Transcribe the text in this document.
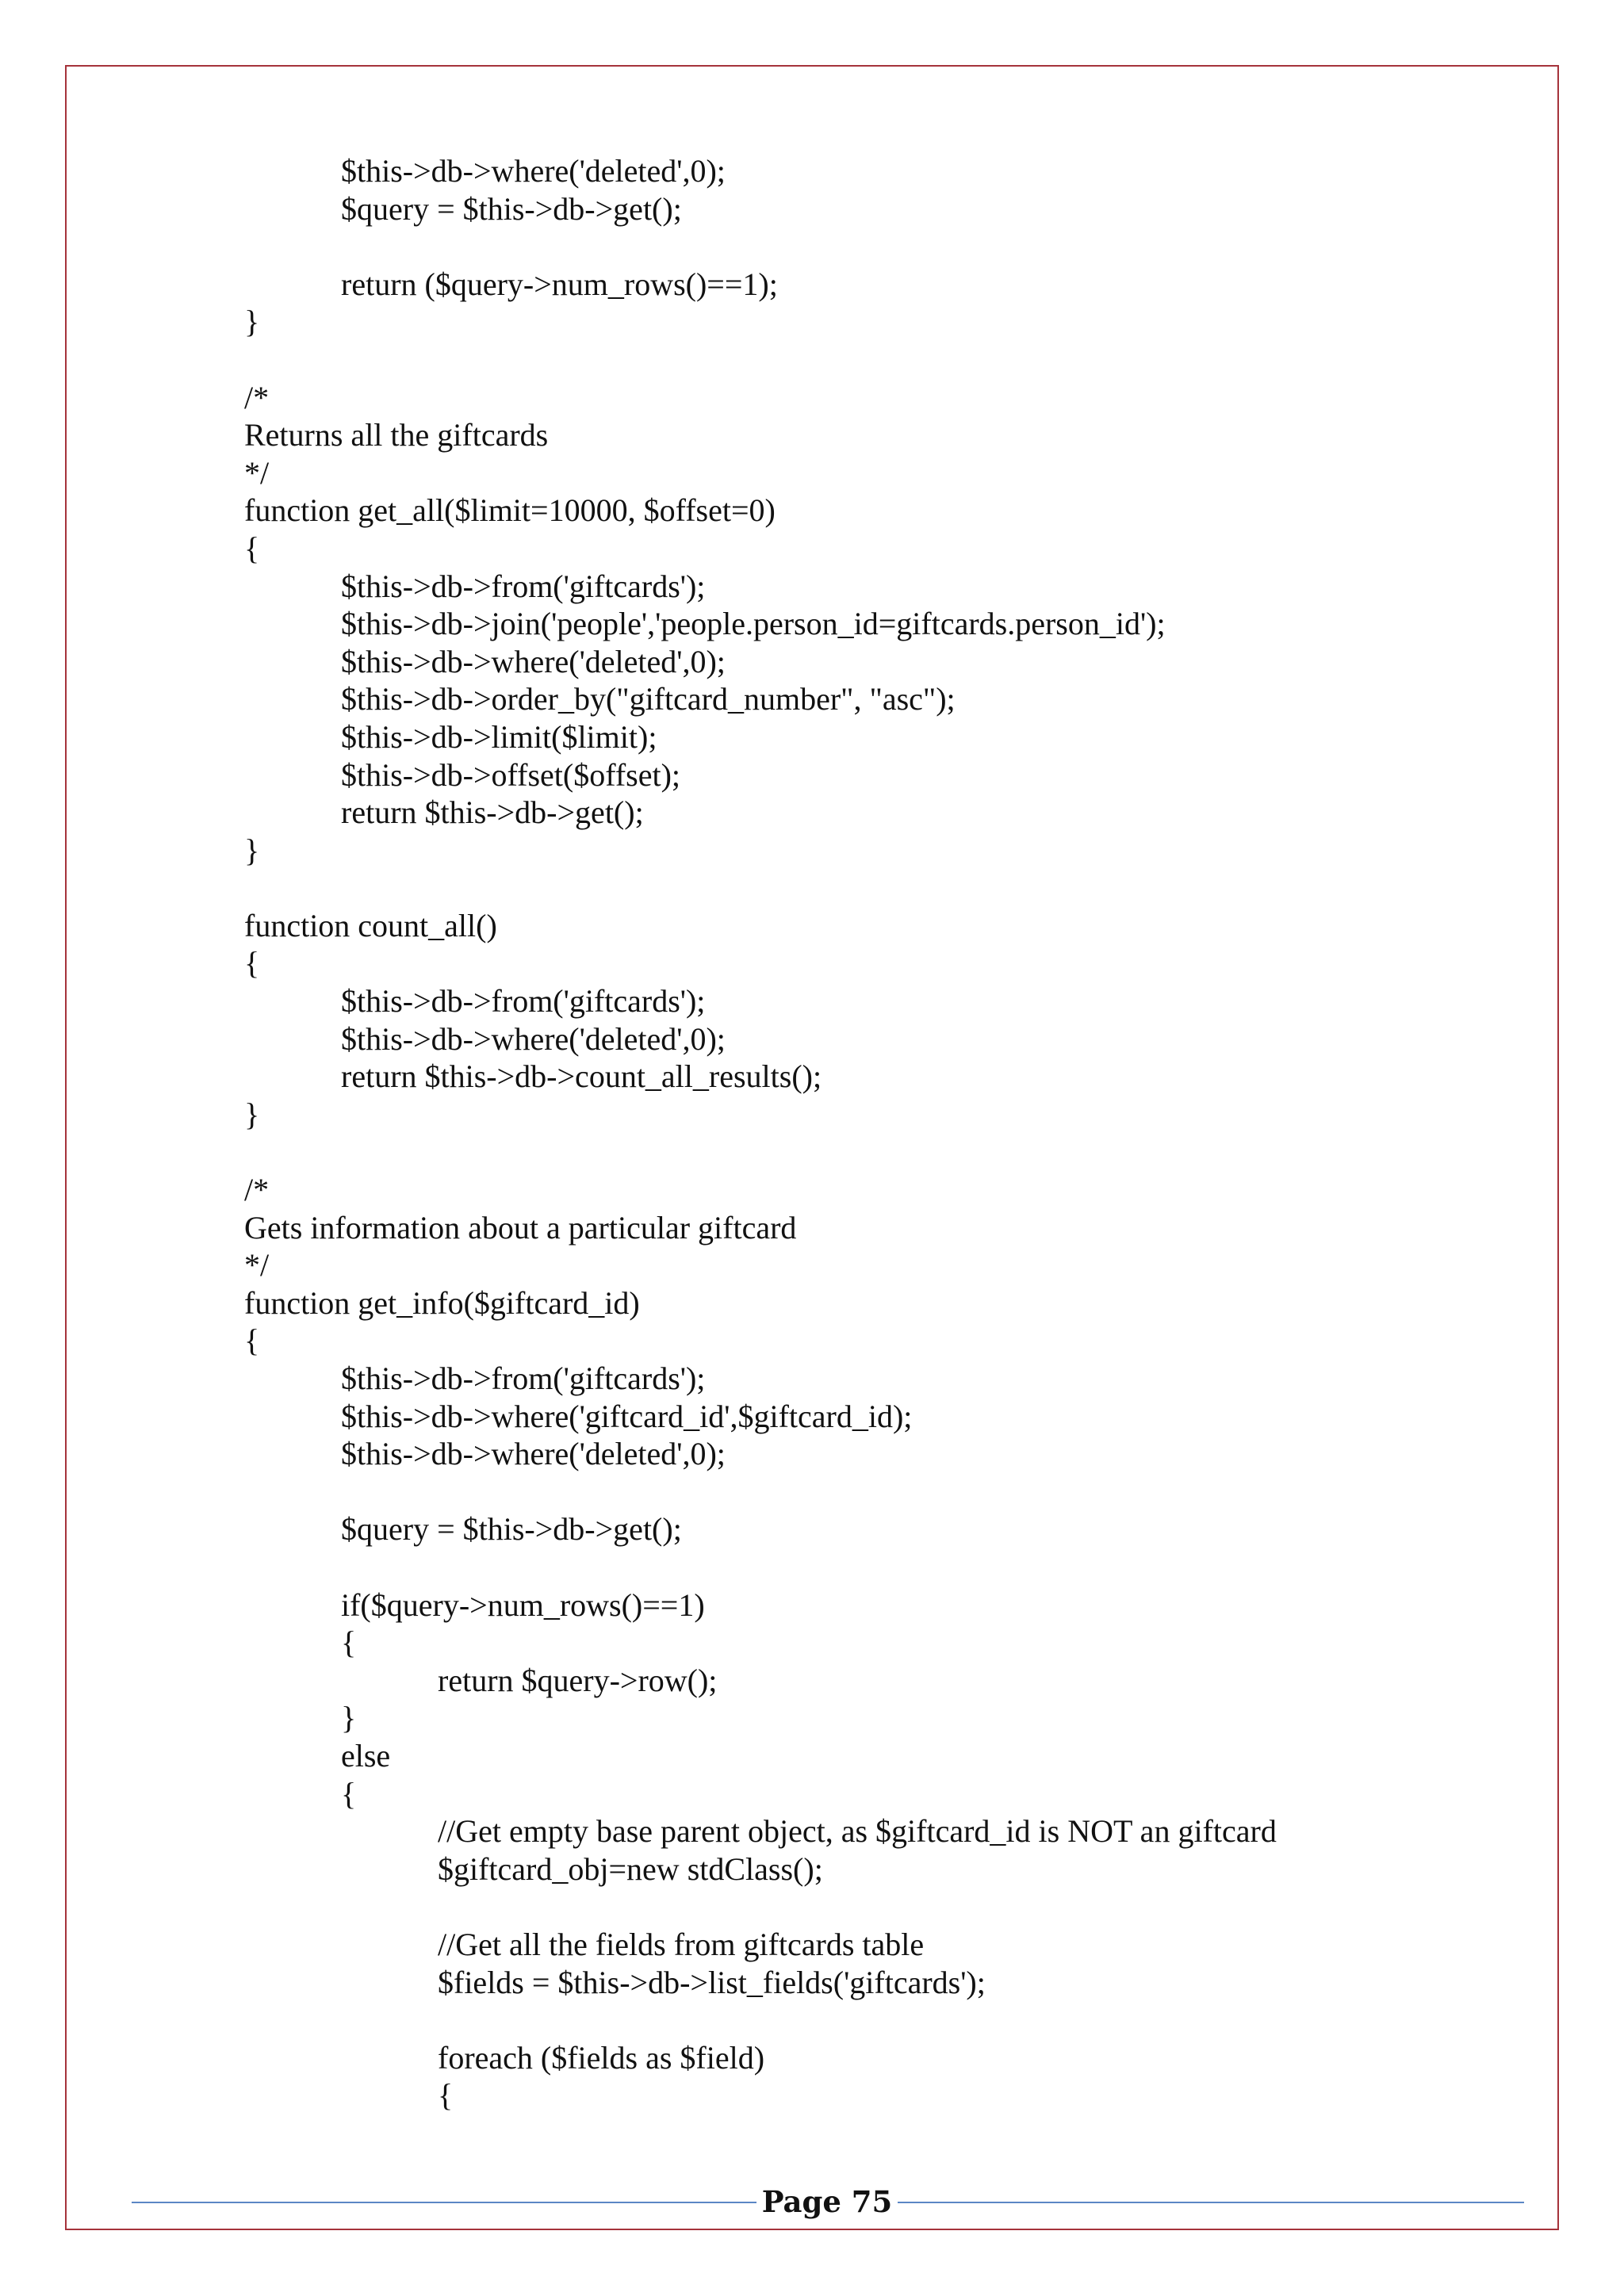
$this->db->where('deleted',0);
$query = $this->db->get();
return ($query->num_rows()==1);
}
/*
Returns all the giftcards
*/
function get_all($limit=10000, $offset=0)
{
$this->db->from('giftcards');
$this->db->join('people','people.person_id=giftcards.person_id');
$this->db->where('deleted',0);
$this->db->order_by("giftcard_number", "asc");
$this->db->limit($limit);
$this->db->offset($offset);
return $this->db->get();
}
function count_all()
{
$this->db->from('giftcards');
$this->db->where('deleted',0);
return $this->db->count_all_results();
}
/*
Gets information about a particular giftcard
*/
function get_info($giftcard_id)
{
$this->db->from('giftcards');
$this->db->where('giftcard_id',$giftcard_id);
$this->db->where('deleted',0);
$query = $this->db->get();
if($query->num_rows()==1)
{
return $query->row();
}
else
{
//Get empty base parent object, as $giftcard_id is NOT an giftcard
$giftcard_obj=new stdClass();
//Get all the fields from giftcards table
$fields = $this->db->list_fields('giftcards');
foreach ($fields as $field)
{
Page 75
